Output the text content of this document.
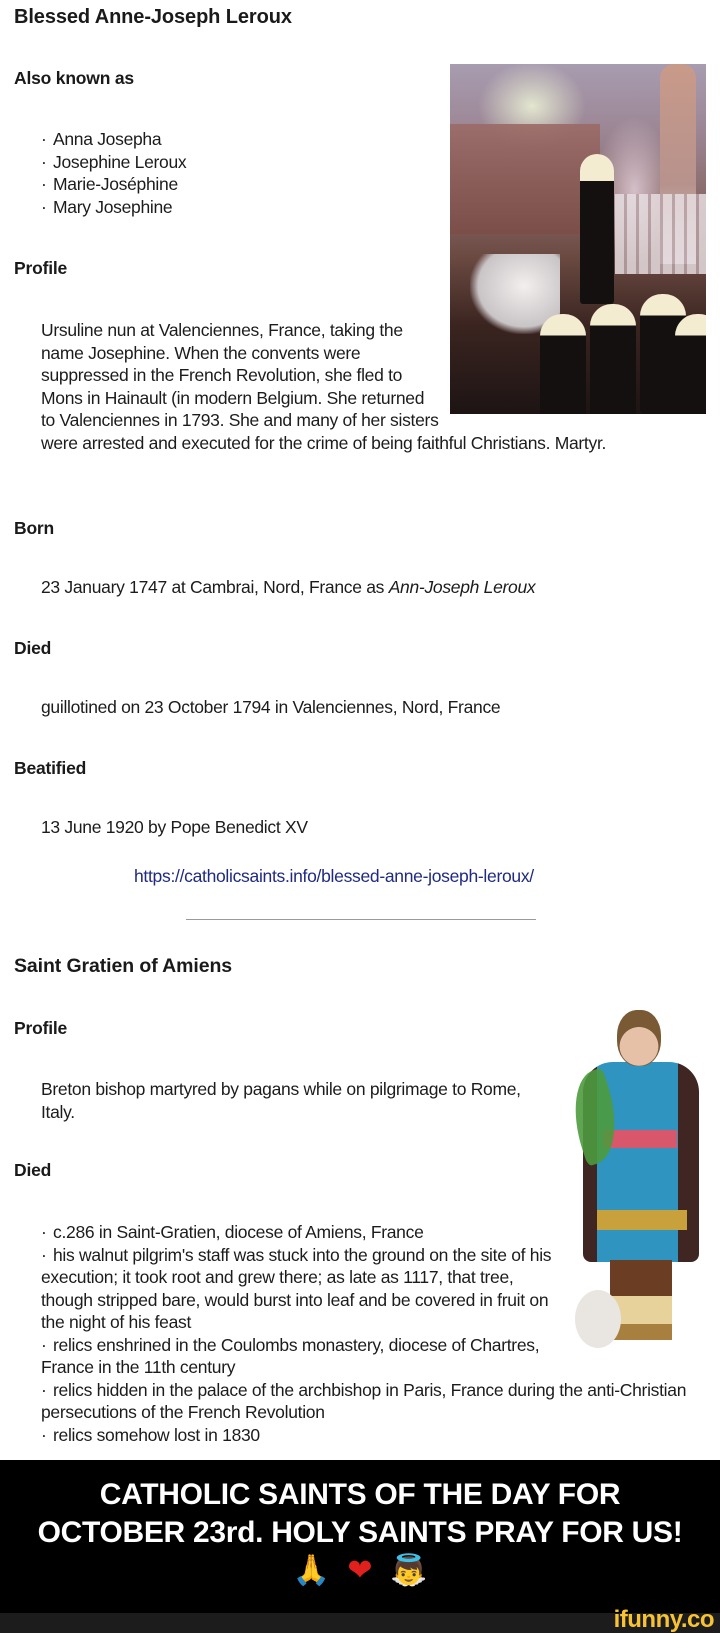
Blessed Anne-Joseph Leroux
Also known as
· Anna Josepha
· Josephine Leroux
· Marie-Joséphine
· Mary Josephine
Profile
Ursuline nun at Valenciennes, France, taking the name Josephine. When the convents were suppressed in the French Revolution, she fled to Mons in Hainault (in modern Belgium. She returned to Valenciennes in 1793. She and many of her sisters were arrested and executed for the crime of being faithful Christians. Martyr.
Born
23 January 1747 at Cambrai, Nord, France as Ann-Joseph Leroux
Died
guillotined on 23 October 1794 in Valenciennes, Nord, France
Beatified
13 June 1920 by Pope Benedict XV
https://catholicsaints.info/blessed-anne-joseph-leroux/
Saint Gratien of Amiens
Profile
Breton bishop martyred by pagans while on pilgrimage to Rome, Italy.
Died
· c.286 in Saint-Gratien, diocese of Amiens, France
· his walnut pilgrim's staff was stuck into the ground on the site of his execution; it took root and grew there; as late as 1117, that tree, though stripped bare, would burst into leaf and be covered in fruit on the night of his feast
· relics enshrined in the Coulombs monastery, diocese of Chartres, France in the 11th century
· relics hidden in the palace of the archbishop in Paris, France during the anti-Christian persecutions of the French Revolution
· relics somehow lost in 1830
CATHOLIC SAINTS OF THE DAY FOR
OCTOBER 23rd. HOLY SAINTS PRAY FOR US!
🙏 ❤ 👼
ifunny.co
